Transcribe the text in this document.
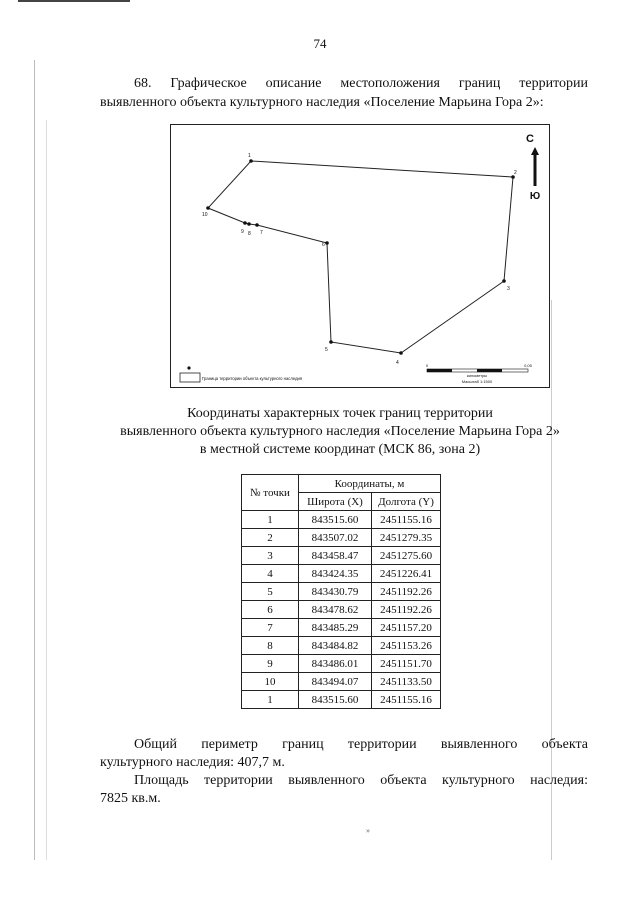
74
68. Графическое описание местоположения границ территории
выявленного объекта культурного наследия «Поселение Марьина Гора 2»:
1
2
3
4
5
6
7
8
9
10
С
Ю
Граница территории объекта культурного наследия
0	0,05
километры
Масштаб 1:1500
Координаты характерных точек границ территории
выявленного объекта культурного наследия «Поселение Марьина Гора 2»
в местной системе координат (МСК 86, зона 2)
№ точки	Координаты, м	
	Широта (X)	Долгота (Y)
1	843515.60	2451155.16
2	843507.02	2451279.35
3	843458.47	2451275.60
4	843424.35	2451226.41
5	843430.79	2451192.26
6	843478.62	2451192.26
7	843485.29	2451157.20
8	843484.82	2451153.26
9	843486.01	2451151.70
10	843494.07	2451133.50
1	843515.60	2451155.16
Общий периметр границ территории выявленного объекта
культурного наследия: 407,7 м.
Площадь территории выявленного объекта культурного наследия:
7825 кв.м.
»
